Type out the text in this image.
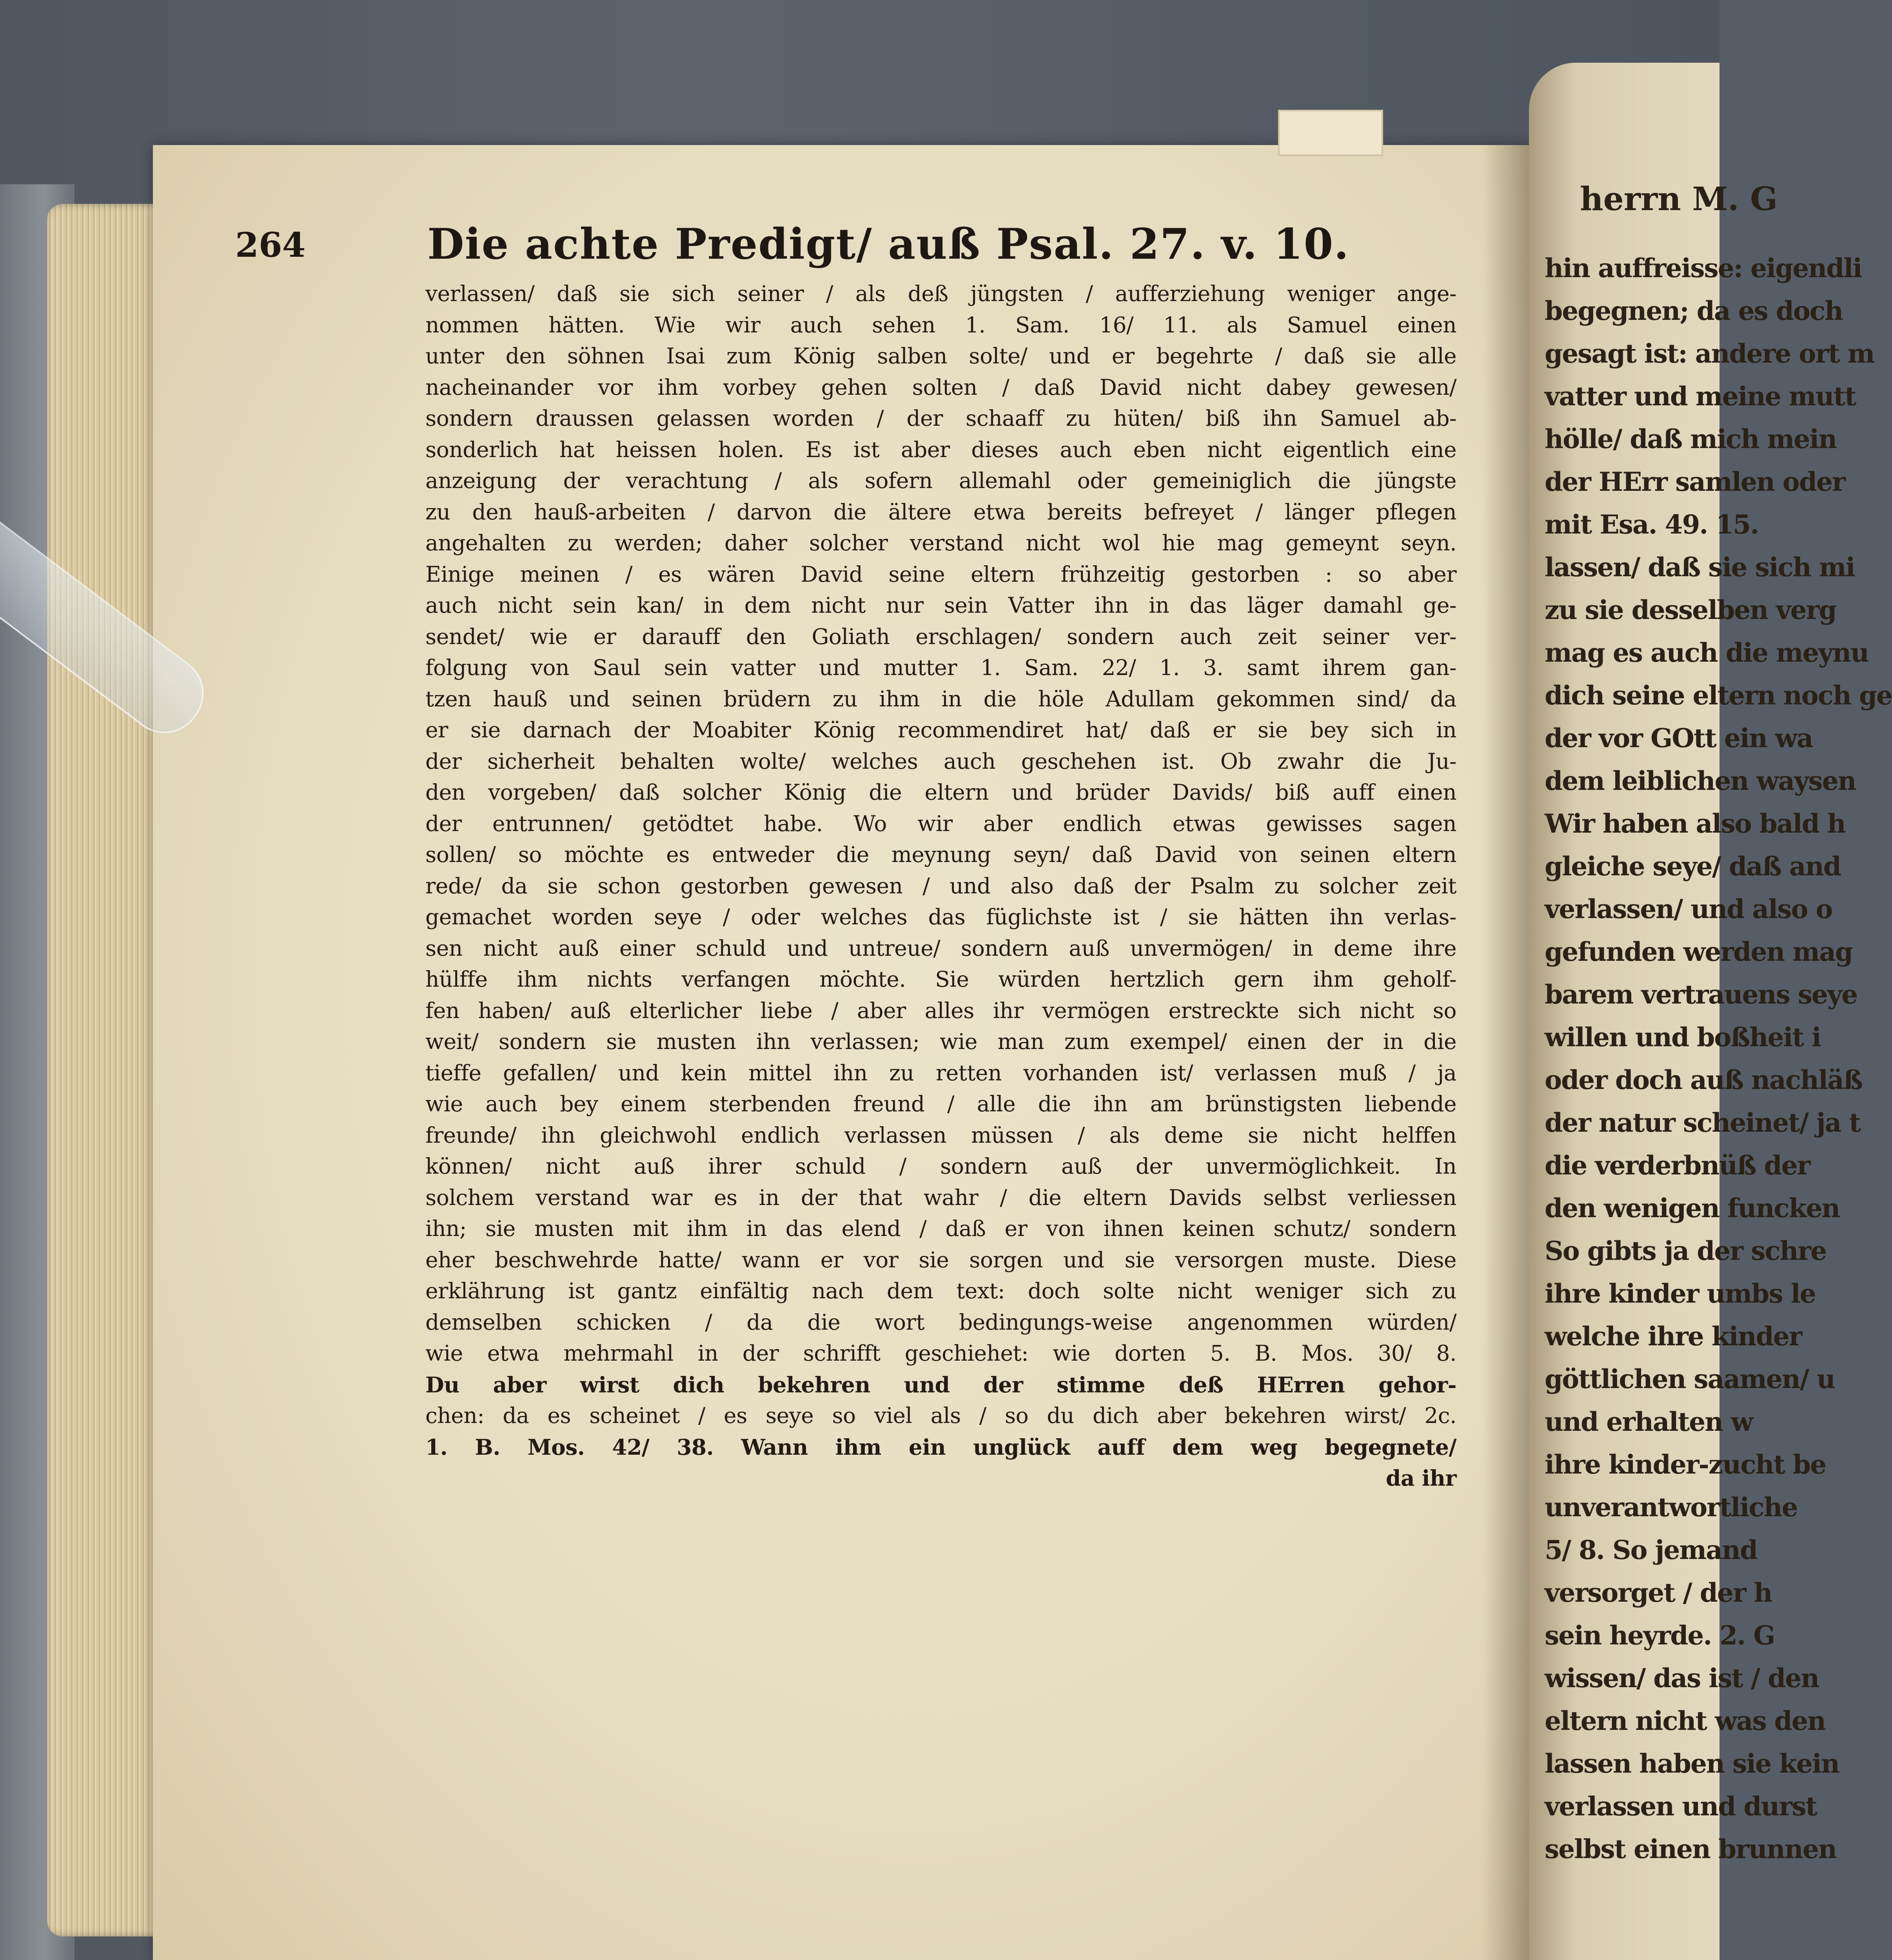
264	Die achte Predigt/ auß Psal. 27. v. 10.
verlassen/ daß sie sich seiner / als deß jüngsten / aufferziehung weniger ange-
nommen hätten. Wie wir auch sehen 1. Sam. 16/ 11. als Samuel einen
unter den söhnen Isai zum König salben solte/ und er begehrte / daß sie alle
nacheinander vor ihm vorbey gehen solten / daß David nicht dabey gewesen/
sondern draussen gelassen worden / der schaaff zu hüten/ biß ihn Samuel ab-
sonderlich hat heissen holen. Es ist aber dieses auch eben nicht eigentlich eine
anzeigung der verachtung / als sofern allemahl oder gemeiniglich die jüngste
zu den hauß-arbeiten / darvon die ältere etwa bereits befreyet / länger pflegen
angehalten zu werden; daher solcher verstand nicht wol hie mag gemeynt seyn.
Einige meinen / es wären David seine eltern frühzeitig gestorben : so aber
auch nicht sein kan/ in dem nicht nur sein Vatter ihn in das läger damahl ge-
sendet/ wie er darauff den Goliath erschlagen/ sondern auch zeit seiner ver-
folgung von Saul sein vatter und mutter 1. Sam. 22/ 1. 3. samt ihrem gan-
tzen hauß und seinen brüdern zu ihm in die höle Adullam gekommen sind/ da
er sie darnach der Moabiter König recommendiret hat/ daß er sie bey sich in
der sicherheit behalten wolte/ welches auch geschehen ist. Ob zwahr die Ju-
den vorgeben/ daß solcher König die eltern und brüder Davids/ biß auff einen
der entrunnen/ getödtet habe. Wo wir aber endlich etwas gewisses sagen
sollen/ so möchte es entweder die meynung seyn/ daß David von seinen eltern
rede/ da sie schon gestorben gewesen / und also daß der Psalm zu solcher zeit
gemachet worden seye / oder welches das füglichste ist / sie hätten ihn verlas-
sen nicht auß einer schuld und untreue/ sondern auß unvermögen/ in deme ihre
hülffe ihm nichts verfangen möchte. Sie würden hertzlich gern ihm geholf-
fen haben/ auß elterlicher liebe / aber alles ihr vermögen erstreckte sich nicht so
weit/ sondern sie musten ihn verlassen; wie man zum exempel/ einen der in die
tieffe gefallen/ und kein mittel ihn zu retten vorhanden ist/ verlassen muß / ja
wie auch bey einem sterbenden freund / alle die ihn am brünstigsten liebende
freunde/ ihn gleichwohl endlich verlassen müssen / als deme sie nicht helffen
können/ nicht auß ihrer schuld / sondern auß der unvermöglichkeit. In
solchem verstand war es in der that wahr / die eltern Davids selbst verliessen
ihn; sie musten mit ihm in das elend / daß er von ihnen keinen schutz/ sondern
eher beschwehrde hatte/ wann er vor sie sorgen und sie versorgen muste. Diese
erklährung ist gantz einfältig nach dem text: doch solte nicht weniger sich zu
demselben schicken / da die wort bedingungs-weise angenommen würden/
wie etwa mehrmahl in der schrifft geschiehet: wie dorten 5. B. Mos. 30/ 8.
Du aber wirst dich bekehren und der stimme deß HErren gehor-
chen: da es scheinet / es seye so viel als / so du dich aber bekehren wirst/ 2c.
1. B. Mos. 42/ 38. Wann ihm ein unglück auff dem weg begegnete/
da ihr
herrn M. G
hin auffreisse: eigendli
begegnen; da es doch
gesagt ist: andere ort m
vatter und meine mutt
hölle/ daß mich mein
der HErr samlen oder
mit Esa. 49. 15.
lassen/ daß sie sich mi
zu sie desselben verg
mag es auch die meynu
dich seine eltern noch ge
der vor GOtt ein wa
dem leiblichen waysen
Wir haben also bald h
gleiche seye/ daß and
verlassen/ und also o
gefunden werden mag
barem vertrauens seye
willen und boßheit i
oder doch auß nachläß
der natur scheinet/ ja t
die verderbnüß der
den wenigen funcken
So gibts ja der schre
ihre kinder umbs le
welche ihre kinder
göttlichen saamen/ u
und erhalten w
ihre kinder-zucht be
unverantwortliche
5/ 8. So jemand
versorget / der h
sein heyrde. 2. G
wissen/ das ist / den
eltern nicht was den
lassen haben sie kein
verlassen und durst
selbst einen brunnen
